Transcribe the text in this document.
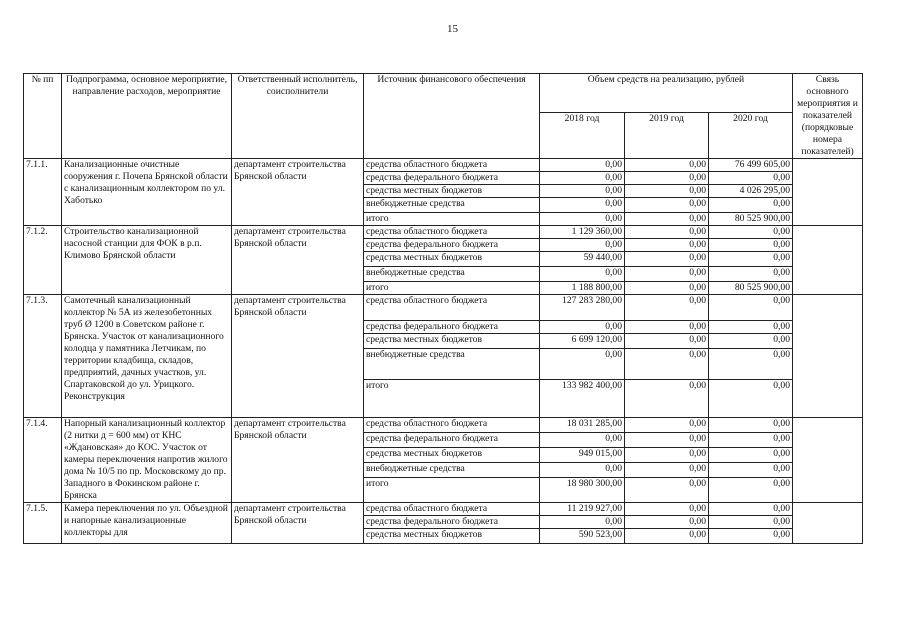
15
№ пп	Подпрограмма, основное мероприятие, направление расходов, мероприятие	Ответственный исполнитель, соисполнители	Источник финансового обеспечения	Объем средств на реализацию, рублей			Связь основного мероприятия и показателей (порядковые номера показателей)
				2018 год	2019 год	2020 год	
7.1.1.	Канализационные очистные сооружения г. Почепа Брянской области с канализационным коллектором по ул. Хаботько	департамент строительства Брянской области	средства областного бюджета	0,00	0,00	76 499 605,00	
			средства федерального бюджета	0,00	0,00	0,00	
			средства местных бюджетов	0,00	0,00	4 026 295,00	
			внебюджетные средства	0,00	0,00	0,00	
			итого	0,00	0,00	80 525 900,00	
7.1.2.	Строительство канализационной насосной станции для ФОК в р.п. Климово Брянской области	департамент строительства Брянской области	средства областного бюджета	1 129 360,00	0,00	0,00	
			средства федерального бюджета	0,00	0,00	0,00	
			средства местных бюджетов	59 440,00	0,00	0,00	
			внебюджетные средства	0,00	0,00	0,00	
			итого	1 188 800,00	0,00	80 525 900,00	
7.1.3.	Самотечный канализационный коллектор № 5А из железобетонных труб Ø 1200 в Советском районе г. Брянска. Участок от канализационного колодца у памятника Летчикам, по территории кладбища, складов, предприятий, дачных участков, ул. Спартаковской до ул. Урицкого. Реконструкция	департамент строительства Брянской области	средства областного бюджета	127 283 280,00	0,00	0,00	
			средства федерального бюджета	0,00	0,00	0,00	
			средства местных бюджетов	6 699 120,00	0,00	0,00	
			внебюджетные средства	0,00	0,00	0,00	
			итого	133 982 400,00	0,00	0,00	
7.1.4.	Напорный канализационный коллектор (2 нитки д = 600 мм) от КНС «Ждановская» до КОС. Участок от камеры переключения напротив жилого дома № 10/5 по пр. Московскому до пр. Западного в Фокинском районе г. Брянска	департамент строительства Брянской области	средства областного бюджета	18 031 285,00	0,00	0,00	
			средства федерального бюджета	0,00	0,00	0,00	
			средства местных бюджетов	949 015,00	0,00	0,00	
			внебюджетные средства	0,00	0,00	0,00	
			итого	18 980 300,00	0,00	0,00	
7.1.5.	Камера переключения по ул. Объездной и напорные канализационные коллекторы для	департамент строительства Брянской области	средства областного бюджета	11 219 927,00	0,00	0,00	
			средства федерального бюджета	0,00	0,00	0,00	
			средства местных бюджетов	590 523,00	0,00	0,00	
